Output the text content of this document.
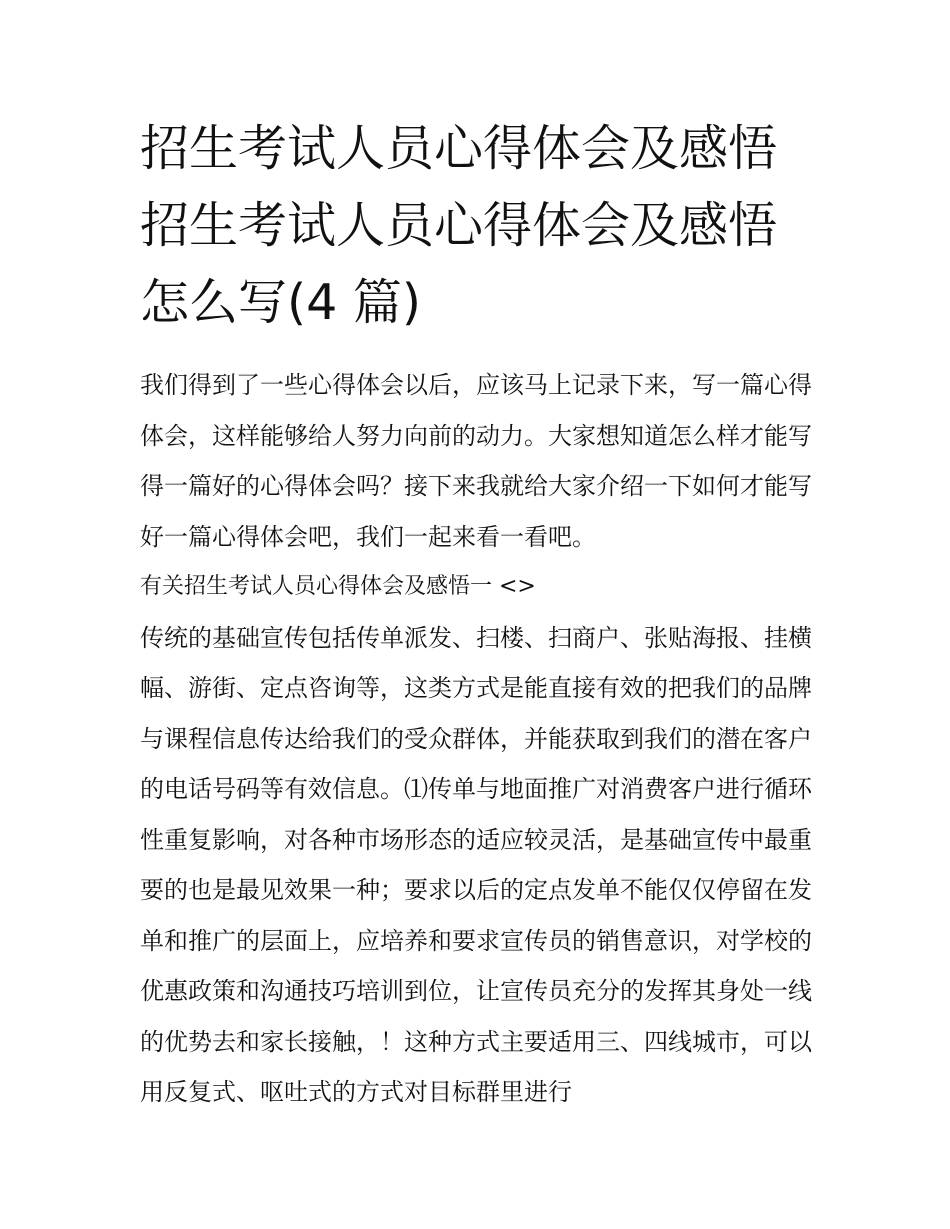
招生考试人员心得体会及感悟
招生考试人员心得体会及感悟
怎么写(4 篇)

我们得到了一些心得体会以后，应该马上记录下来，写一篇心得体会，这样能够给人努力向前的动力。大家想知道怎么样才能写得一篇好的心得体会吗？接下来我就给大家介绍一下如何才能写好一篇心得体会吧，我们一起来看一看吧。

有关招生考试人员心得体会及感悟一 <>

传统的基础宣传包括传单派发、扫楼、扫商户、张贴海报、挂横幅、游街、定点咨询等，这类方式是能直接有效的把我们的品牌与课程信息传达给我们的受众群体，并能获取到我们的潜在客户的电话号码等有效信息。⑴传单与地面推广对消费客户进行循环性重复影响，对各种市场形态的适应较灵活，是基础宣传中最重要的也是最见效果一种；要求以后的定点发单不能仅仅停留在发单和推广的层面上，应培养和要求宣传员的销售意识，对学校的优惠政策和沟通技巧培训到位，让宣传员充分的发挥其身处一线的优势去和家长接触，！这种方式主要适用三、四线城市，可以用反复式、呕吐式的方式对目标群里进行
